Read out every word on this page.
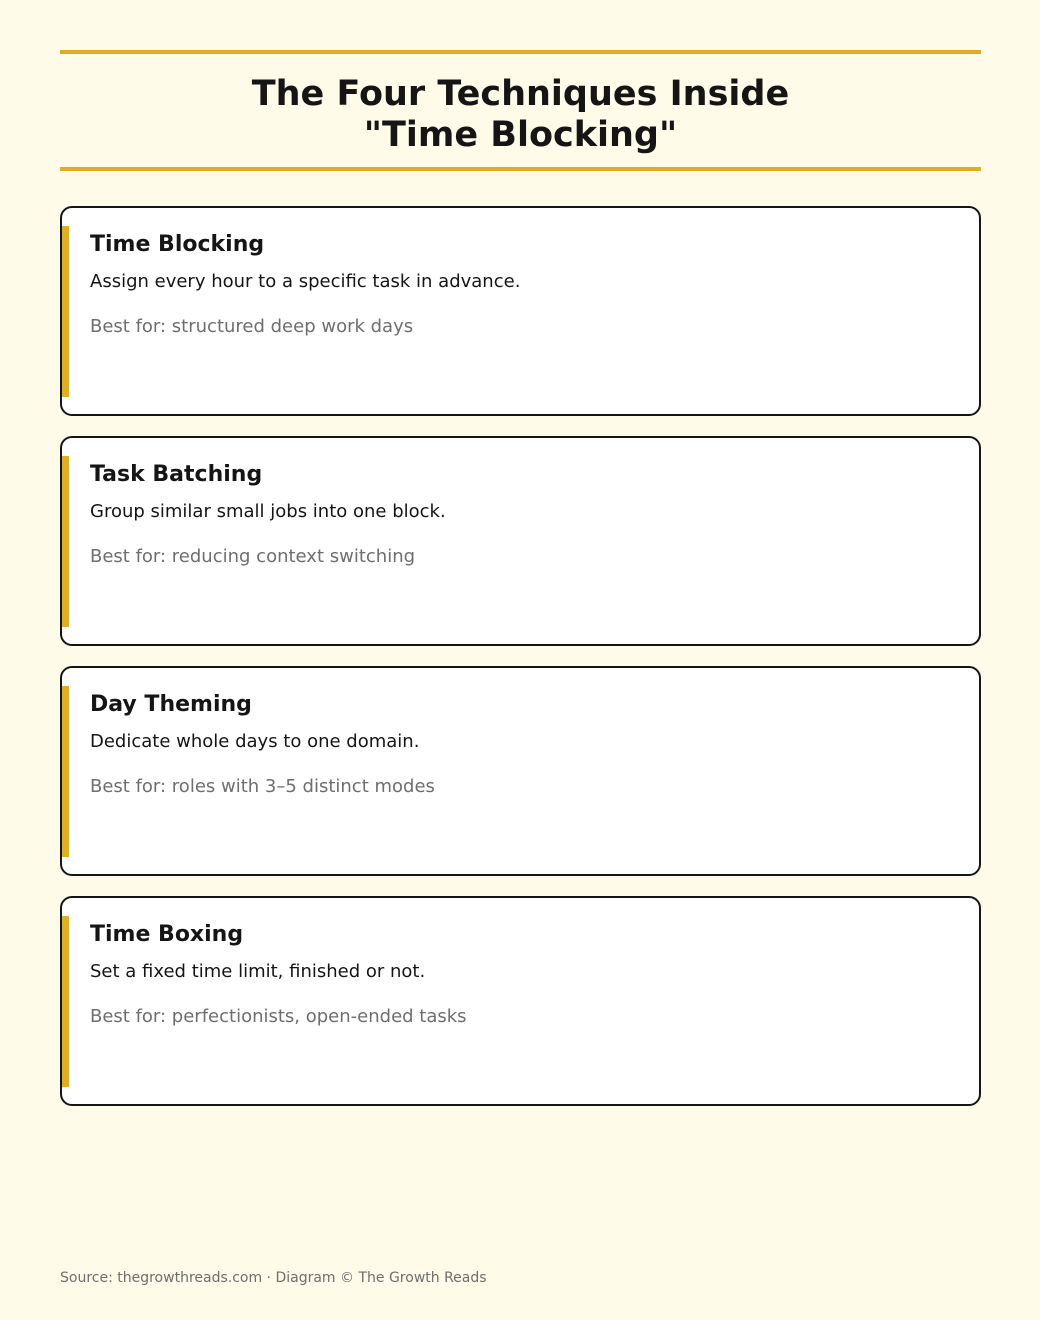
The Four Techniques Inside
"Time Blocking"
Time Blocking

Assign every hour to a specific task in advance.

Best for: structured deep work days

Task Batching

Group similar small jobs into one block.

Best for: reducing context switching

Day Theming

Dedicate whole days to one domain.

Best for: roles with 3–5 distinct modes

Time Boxing

Set a fixed time limit, finished or not.

Best for: perfectionists, open-ended tasks

Source: thegrowthreads.com · Diagram © The Growth Reads
